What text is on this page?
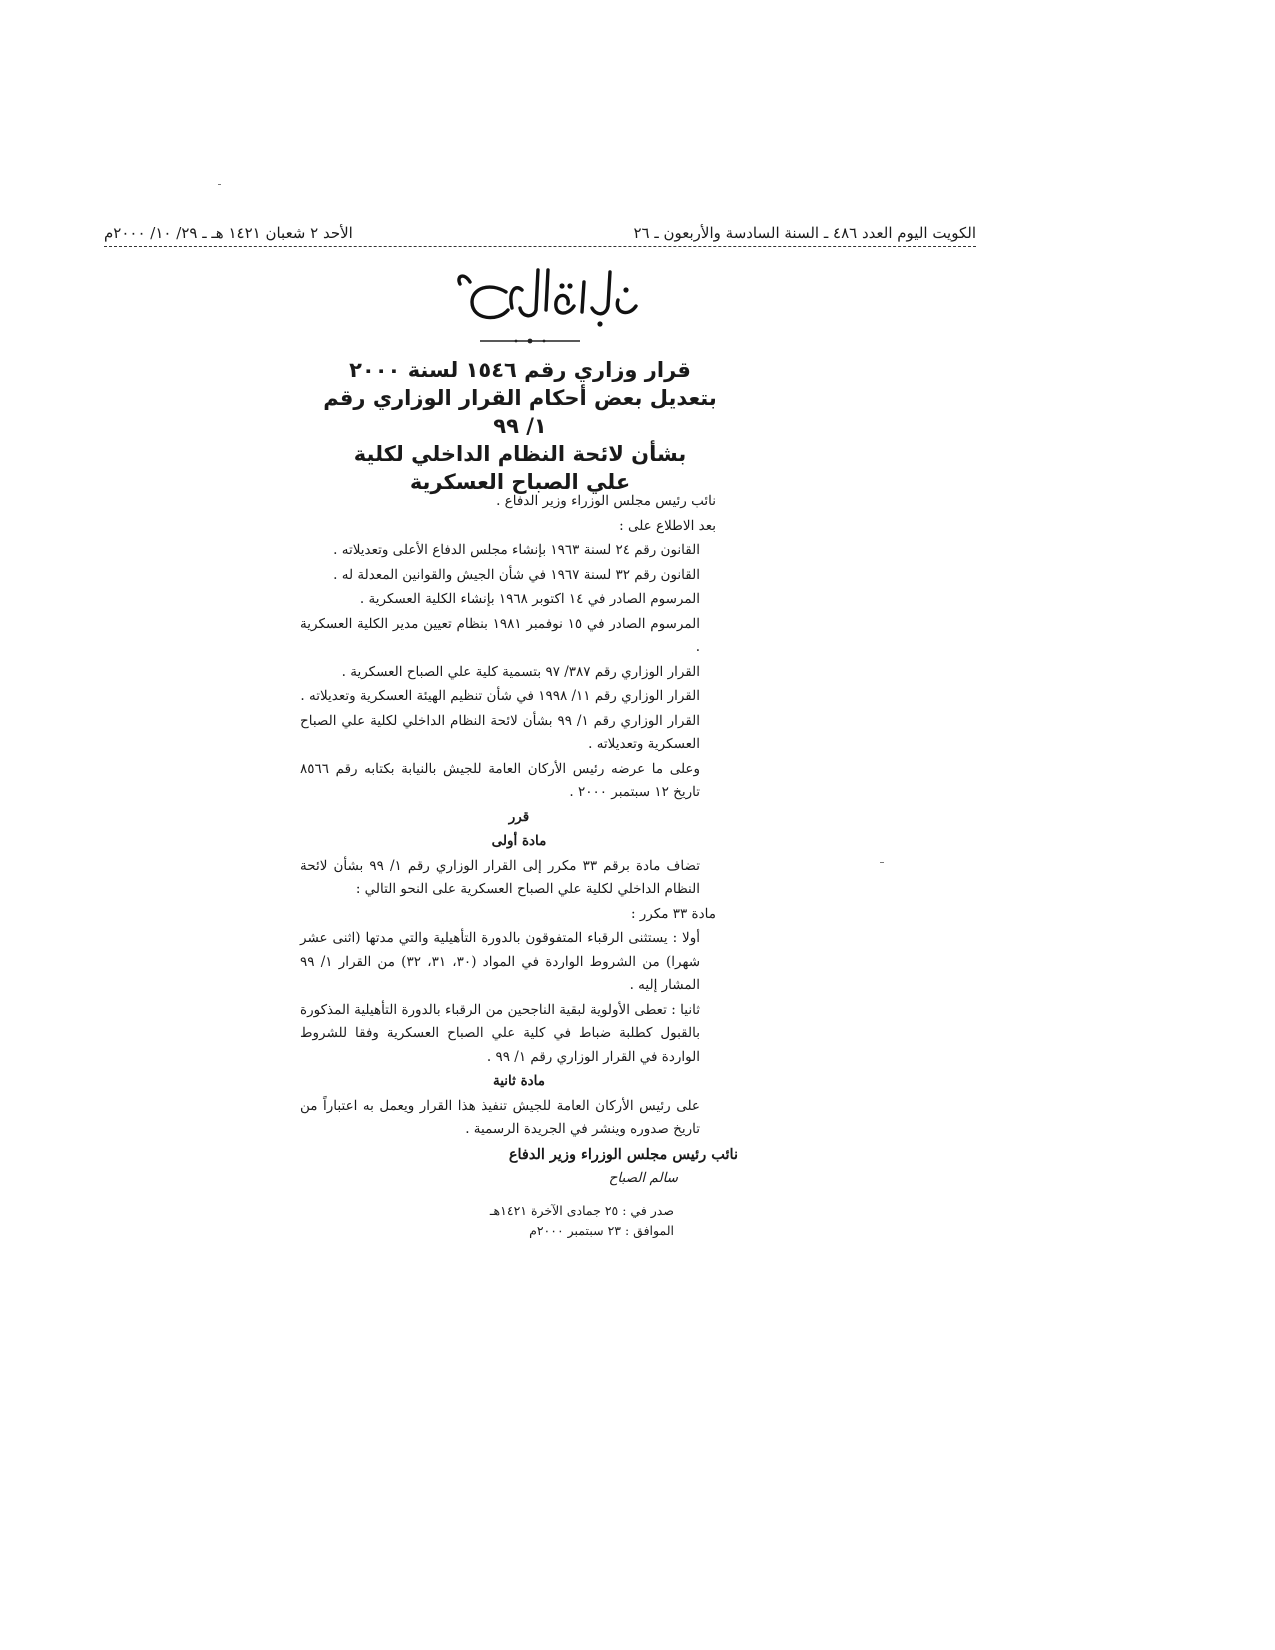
الكويت اليوم العدد ٤٨٦ ـ السنة السادسة والأربعون ـ ٢٦
الأحد ٢ شعبان ١٤٢١ هـ ـ ٢٩/ ١٠/ ٢٠٠٠م
قرار وزاري رقم ١٥٤٦ لسنة ٢٠٠٠
بتعديل بعض أحكام القرار الوزاري رقم ١/ ٩٩
بشأن لائحة النظام الداخلي لكلية
علي الصباح العسكرية

نائب رئيس مجلس الوزراء وزير الدفاع .

بعد الاطلاع على :

القانون رقم ٢٤ لسنة ١٩٦٣ بإنشاء مجلس الدفاع الأعلى وتعديلاته .

القانون رقم ٣٢ لسنة ١٩٦٧ في شأن الجيش والقوانين المعدلة له .

المرسوم الصادر في ١٤ اكتوبر ١٩٦٨ بإنشاء الكلية العسكرية .

المرسوم الصادر في ١٥ نوفمبر ١٩٨١ بنظام تعيين مدير الكلية العسكرية .

القرار الوزاري رقم ٣٨٧/ ٩٧ بتسمية كلية علي الصباح العسكرية .

القرار الوزاري رقم ١١/ ١٩٩٨ في شأن تنظيم الهيئة العسكرية وتعديلاته .

القرار الوزاري رقم ١/ ٩٩ بشأن لائحة النظام الداخلي لكلية علي الصباح العسكرية وتعديلاته .

وعلى ما عرضه رئيس الأركان العامة للجيش بالنيابة بكتابه رقم ٨٥٦٦ تاريخ ١٢ سبتمبر ٢٠٠٠ .

قرر

مادة أولى

تضاف مادة برقم ٣٣ مكرر إلى القرار الوزاري رقم ١/ ٩٩ بشأن لائحة النظام الداخلي لكلية علي الصباح العسكرية على النحو التالي :

مادة ٣٣ مكرر :

أولا : يستثنى الرقباء المتفوقون بالدورة التأهيلية والتي مدتها (اثنى عشر شهرا) من الشروط الواردة في المواد (٣٠، ٣١، ٣٢) من القرار ١/ ٩٩ المشار إليه .

ثانيا : تعطى الأولوية لبقية الناجحين من الرقباء بالدورة التأهيلية المذكورة بالقبول كطلبة ضباط في كلية علي الصباح العسكرية وفقا للشروط الواردة في القرار الوزاري رقم ١/ ٩٩ .

مادة ثانية

على رئيس الأركان العامة للجيش تنفيذ هذا القرار ويعمل به اعتباراً من تاريخ صدوره وينشر في الجريدة الرسمية .

نائب رئيس مجلس الوزراء وزير الدفاع

سالم الصباح

صدر في : ٢٥ جمادى الآخرة ١٤٢١هـ
الموافق : ٢٣ سبتمبر ٢٠٠٠م
